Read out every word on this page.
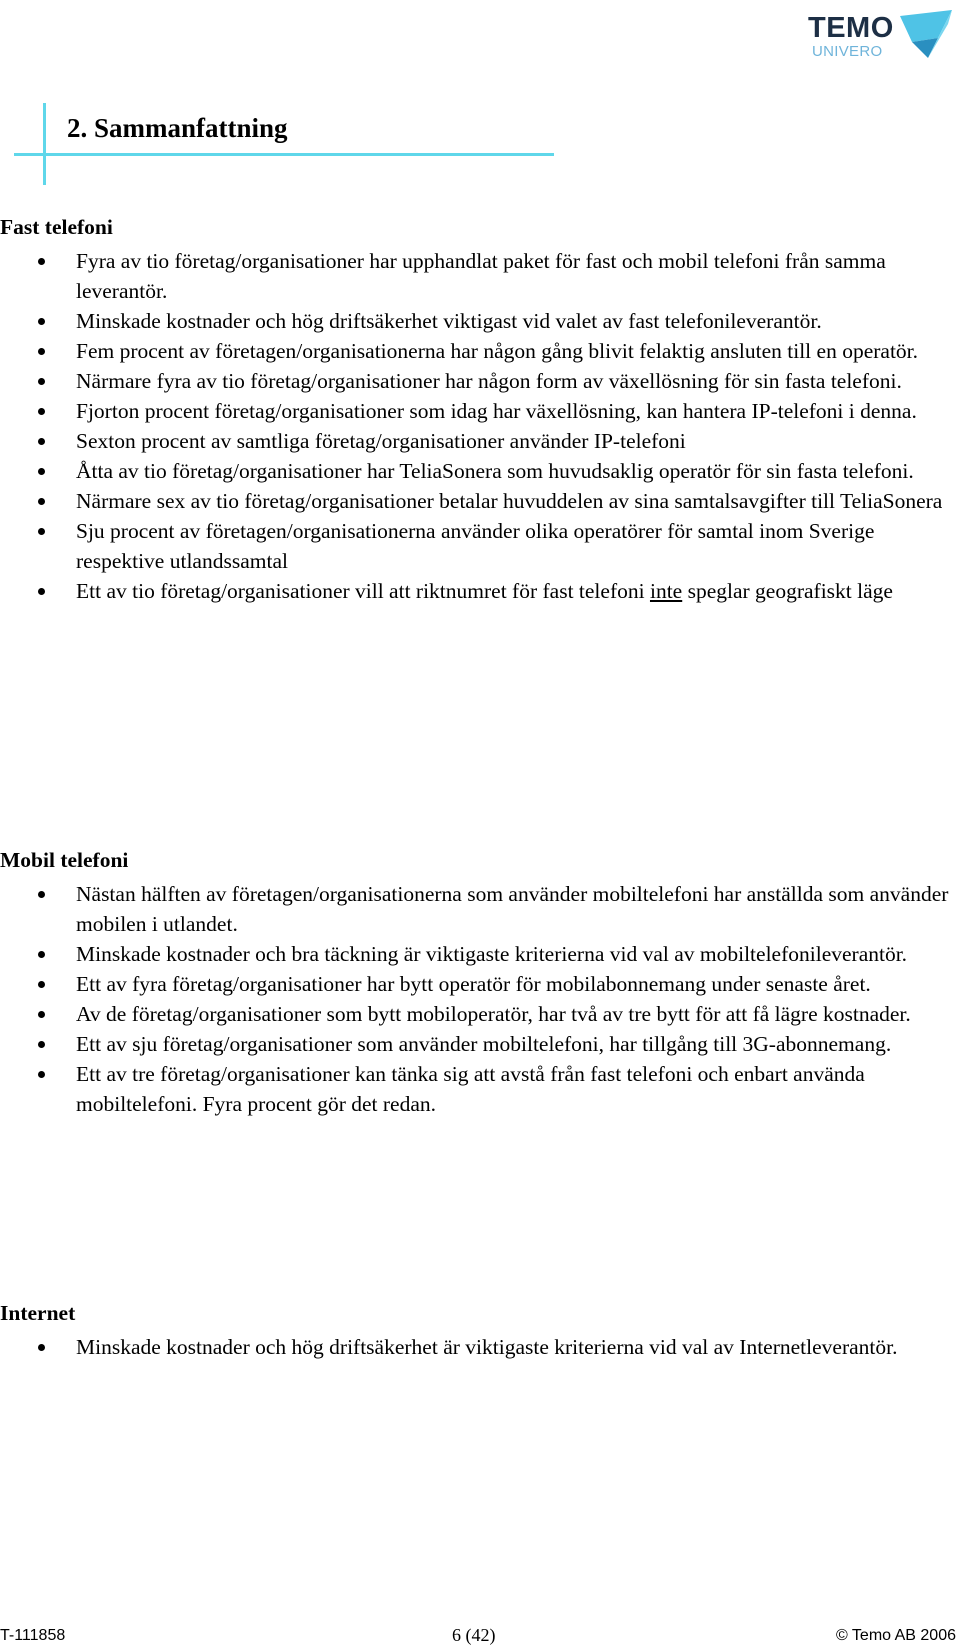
TEMO
UNIVERO
2. Sammanfattning
Fast telefoni
Fyra av tio företag/organisationer har upphandlat paket för fast och mobil telefoni från samma leverantör.
Minskade kostnader och hög driftsäkerhet viktigast vid valet av fast telefonileverantör.
Fem procent av företagen/organisationerna har någon gång blivit felaktig ansluten till en operatör.
Närmare fyra av tio företag/organisationer har någon form av växellösning för sin fasta telefoni.
Fjorton procent företag/organisationer som idag har växellösning, kan hantera IP-telefoni i denna.
Sexton procent av samtliga företag/organisationer använder IP-telefoni
Åtta av tio företag/organisationer har TeliaSonera som huvudsaklig operatör för sin fasta telefoni.
Närmare sex av tio företag/organisationer betalar huvuddelen av sina samtalsavgifter till TeliaSonera
Sju procent av företagen/organisationerna använder olika operatörer för samtal inom Sverige respektive utlandssamtal
Ett av tio företag/organisationer vill att riktnumret för fast telefoni inte speglar geografiskt läge
Mobil telefoni
Nästan hälften av företagen/organisationerna som använder mobiltelefoni har anställda som använder mobilen i utlandet.
Minskade kostnader och bra täckning är viktigaste kriterierna vid val av mobiltelefonileverantör.
Ett av fyra företag/organisationer har bytt operatör för mobilabonnemang under senaste året.
Av de företag/organisationer som bytt mobiloperatör, har två av tre bytt för att få lägre kostnader.
Ett av sju företag/organisationer som använder mobiltelefoni, har tillgång till 3G-abonnemang.
Ett av tre företag/organisationer kan tänka sig att avstå från fast telefoni och enbart använda mobiltelefoni. Fyra procent gör det redan.
Internet
Minskade kostnader och hög driftsäkerhet är viktigaste kriterierna vid val av Internetleverantör.
T-111858	6 (42)	© Temo AB 2006
